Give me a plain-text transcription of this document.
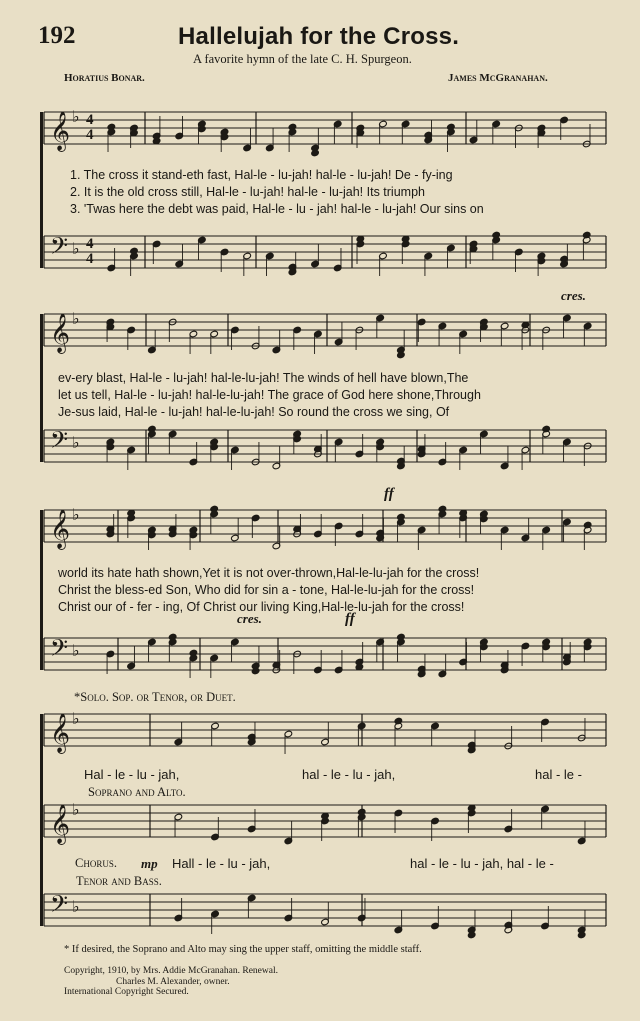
192	Hallelujah for the Cross.
A favorite hymn of the late C. H. Spurgeon.
Horatius Bonar.	James McGranahan.
𝄞
𝄢
♭
♭
𝄞
𝄢
♭
♭
𝄞
𝄢
♭
♭
4
4
4
4
𝄞 ♭
𝄞 ♭
𝄢 ♭
1. The cross it stand-eth fast, Hal-le - lu-jah! hal-le - lu-jah! De - fy-ing
2. It is the old cross still, Hal-le - lu-jah! hal-le - lu-jah! Its triumph
3. 'Twas here the debt was paid, Hal-le - lu - jah! hal-le - lu-jah! Our sins on
cres.
ev-ery blast, Hal-le - lu-jah! hal-le-lu-jah! The winds of hell have blown,The
let us tell, Hal-le - lu-jah! hal-le-lu-jah! The grace of God here shone,Through
Je-sus laid, Hal-le - lu-jah! hal-le-lu-jah! So round the cross we sing, Of
ff
world its hate hath shown,Yet it is not over-thrown,Hal-le-lu-jah for the cross!
Christ the bless-ed Son, Who did for sin a - tone, Hal-le-lu-jah for the cross!
Christ our of - fer - ing, Of Christ our living King,Hal-le-lu-jah for the cross!
cres.	ff
*Solo. Sop. or Tenor, or Duet.
Hal - le - lu - jah,	hal - le - lu - jah,	hal - le -
Soprano and Alto.
Chorus. mp Hall - le - lu - jah,	hal - le - lu - jah, hal - le -
Tenor and Bass.
* If desired, the Soprano and Alto may sing the upper staff, omitting the middle staff.
Copyright, 1910, by Mrs. Addie McGranahan. Renewal.
Charles M. Alexander, owner.
International Copyright Secured.
